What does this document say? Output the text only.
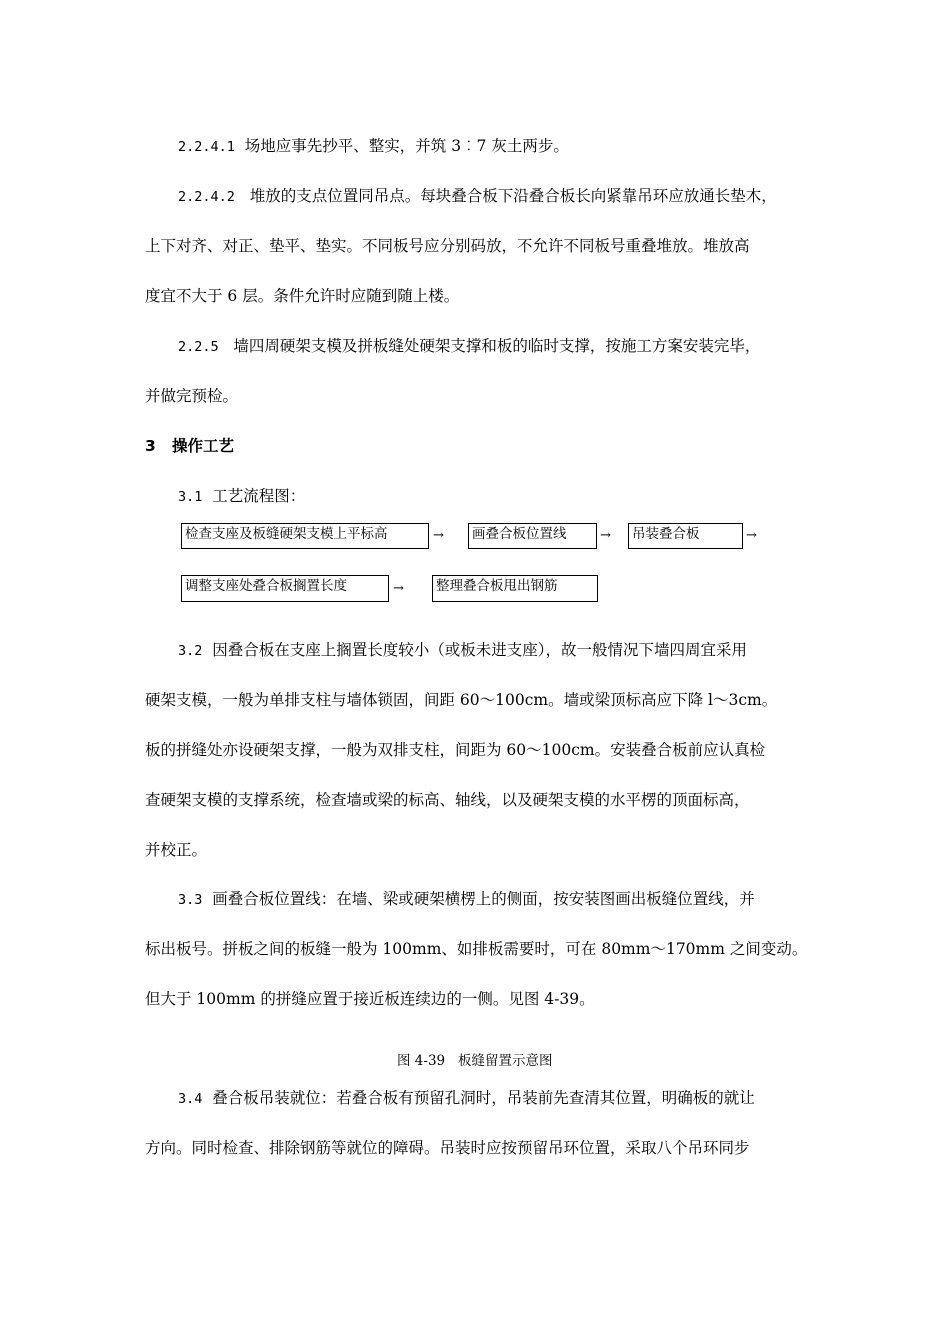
2.2.4.1 场地应事先抄平、整实，并筑 3︰7 灰土两步。
2.2.4.2 堆放的支点位置同吊点。每块叠合板下沿叠合板长向紧靠吊环应放通长垫木，
上下对齐、对正、垫平、垫实。不同板号应分别码放，不允许不同板号重叠堆放。堆放高
度宜不大于 6 层。条件允许时应随到随上楼。
2.2.5 墙四周硬架支模及拼板缝处硬架支撑和板的临时支撑，按施工方案安装完毕，
并做完预检。
3 操作工艺
3.1 工艺流程图：
检查支座及板缝硬架支模上平标高	→ 画叠合板位置线	→ 吊装叠合板	→
调整支座处叠合板搁置长度	→ 整理叠合板甩出钢筋
3.2 因叠合板在支座上搁置长度较小（或板未进支座），故一般情况下墙四周宜采用
硬架支模，一般为单排支柱与墙体锁固，间距 60～100cm。墙或梁顶标高应下降 l～3cm。
板的拼缝处亦设硬架支撑，一般为双排支柱，间距为 60～100cm。安装叠合板前应认真检
查硬架支模的支撑系统，检查墙或梁的标高、轴线，以及硬架支模的水平楞的顶面标高，
并校正。
3.3 画叠合板位置线：在墙、梁或硬架横楞上的侧面，按安装图画出板缝位置线，并
标出板号。拼板之间的板缝一般为 100mm、如排板需要时，可在 80mm～170mm 之间变动。
但大于 100mm 的拼缝应置于接近板连续边的一侧。见图 4-39。
图 4-39 板缝留置示意图
3.4 叠合板吊装就位：若叠合板有预留孔洞时，吊装前先查清其位置，明确板的就让
方向。同时检查、排除钢筋等就位的障碍。吊装时应按预留吊环位置，采取八个吊环同步
